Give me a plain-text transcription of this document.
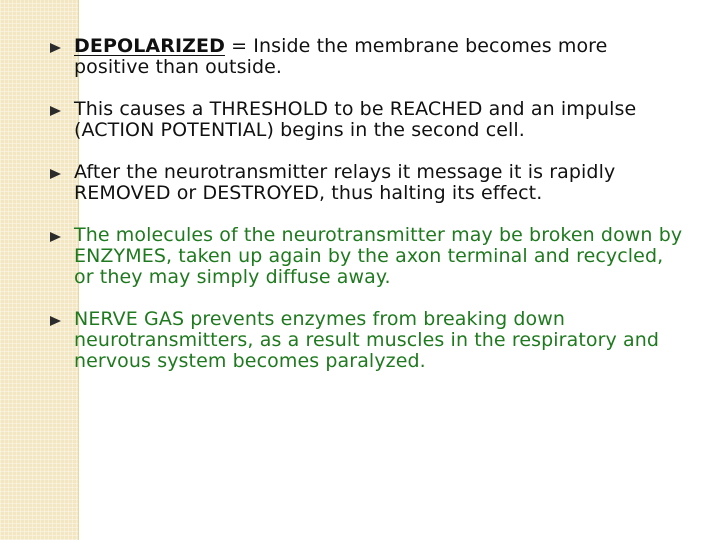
DEPOLARIZED = Inside the membrane becomes more positive than outside.

This causes a THRESHOLD to be REACHED and an impulse (ACTION POTENTIAL) begins in the second cell.

After the neurotransmitter relays it message it is rapidly REMOVED or DESTROYED, thus halting its effect.

The molecules of the neurotransmitter may be broken down by ENZYMES, taken up again by the axon terminal and recycled, or they may simply diffuse away.

NERVE GAS prevents enzymes from breaking down neurotransmitters, as a result muscles in the respiratory and nervous system becomes paralyzed.
